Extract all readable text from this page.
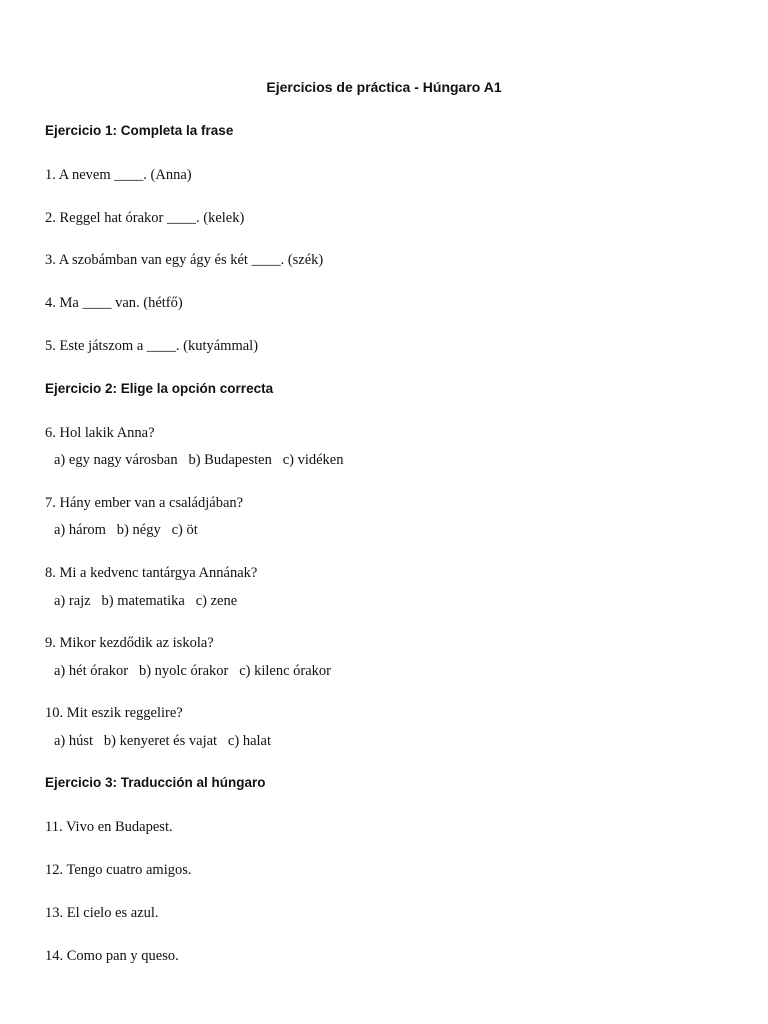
Ejercicios de práctica - Húngaro A1
Ejercicio 1: Completa la frase
1. A nevem ____. (Anna)
2. Reggel hat órakor ____. (kelek)
3. A szobámban van egy ágy és két ____. (szék)
4. Ma ____ van. (hétfő)
5. Este játszom a ____. (kutyámmal)
Ejercicio 2: Elige la opción correcta
6. Hol lakik Anna?
a) egy nagy városban   b) Budapesten   c) vidéken
7. Hány ember van a családjában?
a) három   b) négy   c) öt
8. Mi a kedvenc tantárgya Annának?
a) rajz   b) matematika   c) zene
9. Mikor kezdődik az iskola?
a) hét órakor   b) nyolc órakor   c) kilenc órakor
10. Mit eszik reggelire?
a) húst   b) kenyeret és vajat   c) halat
Ejercicio 3: Traducción al húngaro
11. Vivo en Budapest.
12. Tengo cuatro amigos.
13. El cielo es azul.
14. Como pan y queso.
